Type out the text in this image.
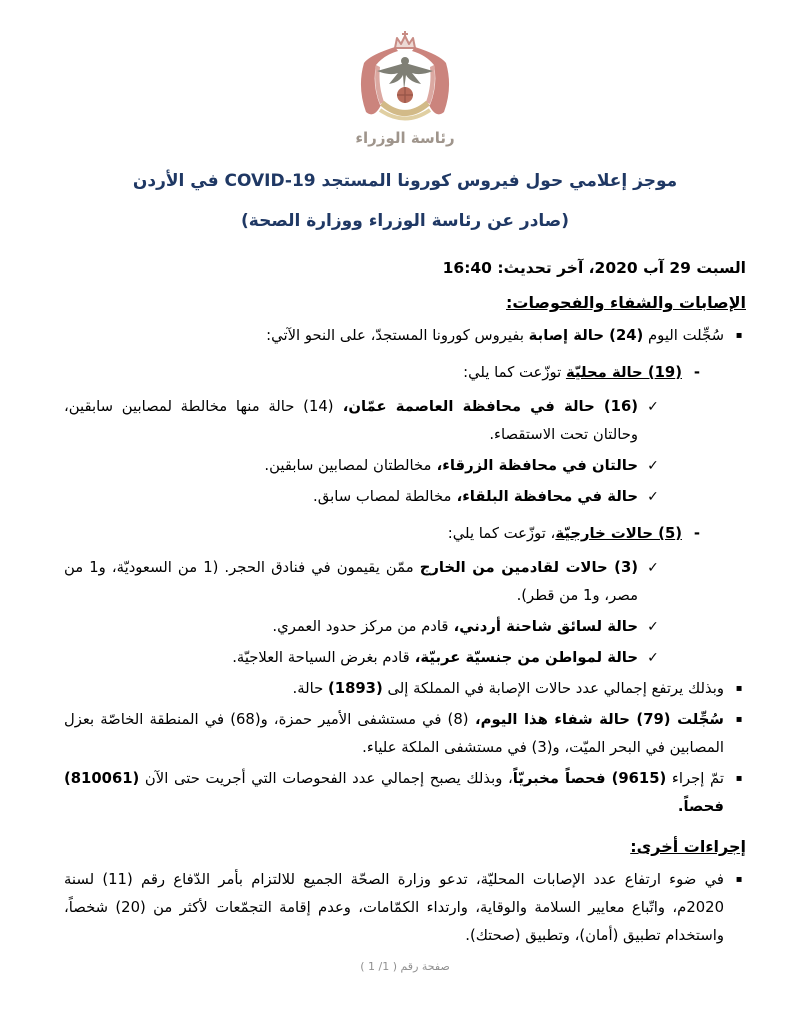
رئاسة الوزراء
موجز إعلامي حول فيروس كورونا المستجد COVID-19 في الأردن
(صادر عن رئاسة الوزراء ووزارة الصحة)
السبت 29 آب 2020، آخر تحديث: 16:40
الإصابات والشفاء والفحوصات:
▪
سُجِّلت اليوم (24) حالة إصابة بفيروس كورونا المستجدّ، على النحو الآتي:
-
(19) حالة محليّة توزّعت كما يلي:
✓
(16) حالة في محافظة العاصمة عمّان، (14) حالة منها مخالطة لمصابين سابقين، وحالتان تحت الاستقصاء.
✓
حالتان في محافظة الزرقاء، مخالطتان لمصابين سابقين.
✓
حالة في محافظة البلقاء، مخالطة لمصاب سابق.
-
(5) حالات خارجيّة، توزّعت كما يلي:
✓
(3) حالات لقادمين من الخارج ممّن يقيمون في فنادق الحجر. (1 من السعوديّة، و1 من مصر، و1 من قطر).
✓
حالة لسائق شاحنة أردني، قادم من مركز حدود العمري.
✓
حالة لمواطن من جنسيّة عربيّة، قادم بغرض السياحة العلاجيّة.
▪
وبذلك يرتفع إجمالي عدد حالات الإصابة في المملكة إلى (1893) حالة.
▪
سُجِّلت (79) حالة شفاء هذا اليوم، (8) في مستشفى الأمير حمزة، و(68) في المنطقة الخاصّة بعزل المصابين في البحر الميّت، و(3) في مستشفى الملكة علياء.
▪
تمّ إجراء (9615) فحصاً مخبريّاً، وبذلك يصبح إجمالي عدد الفحوصات التي أجريت حتى الآن (810061) فحصاً.
إجراءات أخرى:
▪
في ضوء ارتفاع عدد الإصابات المحليّة، تدعو وزارة الصحّة الجميع للالتزام بأمر الدّفاع رقم (11) لسنة 2020م، واتّباع معايير السلامة والوقاية، وارتداء الكمّامات، وعدم إقامة التجمّعات لأكثر من (20) شخصاً، واستخدام تطبيق (أمان)، وتطبيق (صحتك).
صفحة رقم ( 1/ 1 )
